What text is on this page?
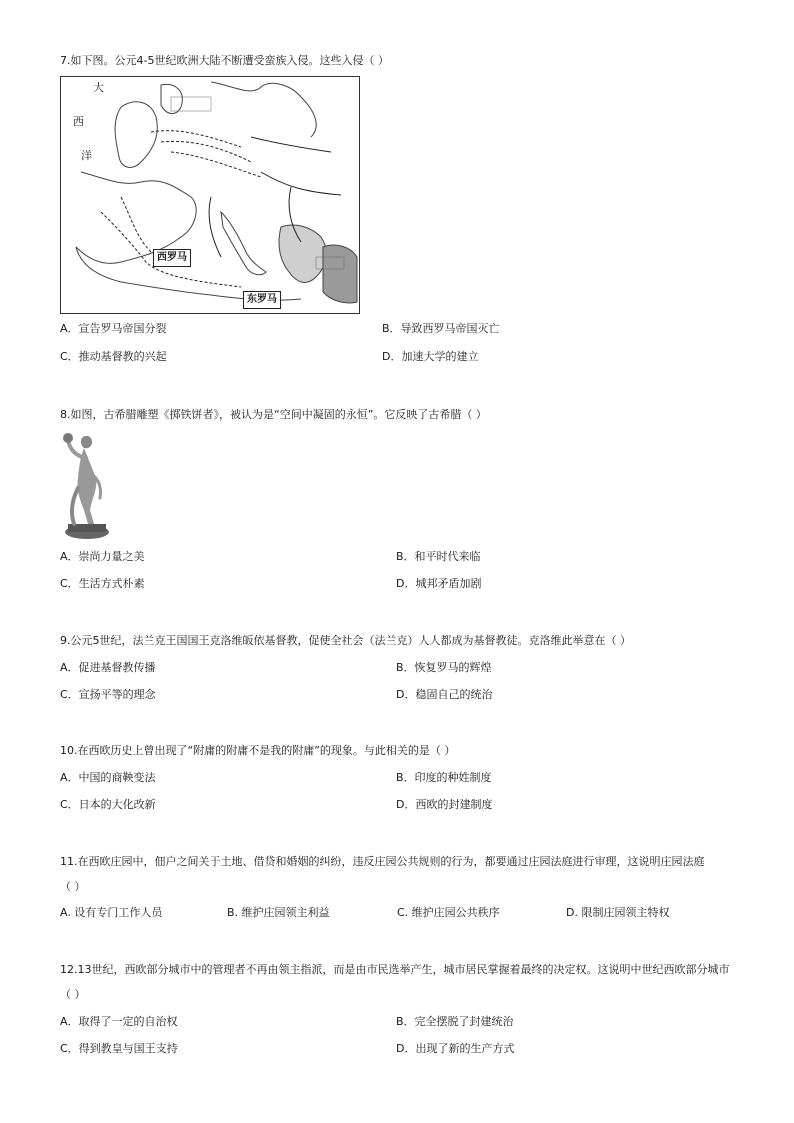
7.如下图。公元4-5世纪欧洲大陆不断遭受蛮族入侵。这些入侵（ ）
大
西
洋
西罗马
东罗马
A．宣告罗马帝国分裂	B．导致西罗马帝国灭亡
C．推动基督教的兴起	D．加速大学的建立
8.如图，古希腊雕塑《掷铁饼者》，被认为是“空间中凝固的永恒”。它反映了古希腊（ ）
A．崇尚力量之美	B．和平时代来临
C．生活方式朴素	D．城邦矛盾加剧
9.公元5世纪，法兰克王国国王克洛维皈依基督教，促使全社会（法兰克）人人都成为基督教徒。克洛维此举意在（ ）
A．促进基督教传播	B．恢复罗马的辉煌
C．宣扬平等的理念	D．稳固自己的统治
10.在西欧历史上曾出现了“附庸的附庸不是我的附庸”的现象。与此相关的是（ ）
A．中国的商鞅变法	B．印度的种姓制度
C．日本的大化改新	D．西欧的封建制度
11.在西欧庄园中，佃户之间关于土地、借贷和婚姻的纠纷，违反庄园公共规则的行为，都要通过庄园法庭进行审理，这说明庄园法庭
（ ）
A. 设有专门工作人员	B. 维护庄园领主利益	C. 维护庄园公共秩序	D. 限制庄园领主特权
12.13世纪，西欧部分城市中的管理者不再由领主指派，而是由市民选举产生，城市居民掌握着最终的决定权。这说明中世纪西欧部分城市
（ ）
A．取得了一定的自治权	B．完全摆脱了封建统治
C．得到教皇与国王支持	D．出现了新的生产方式
